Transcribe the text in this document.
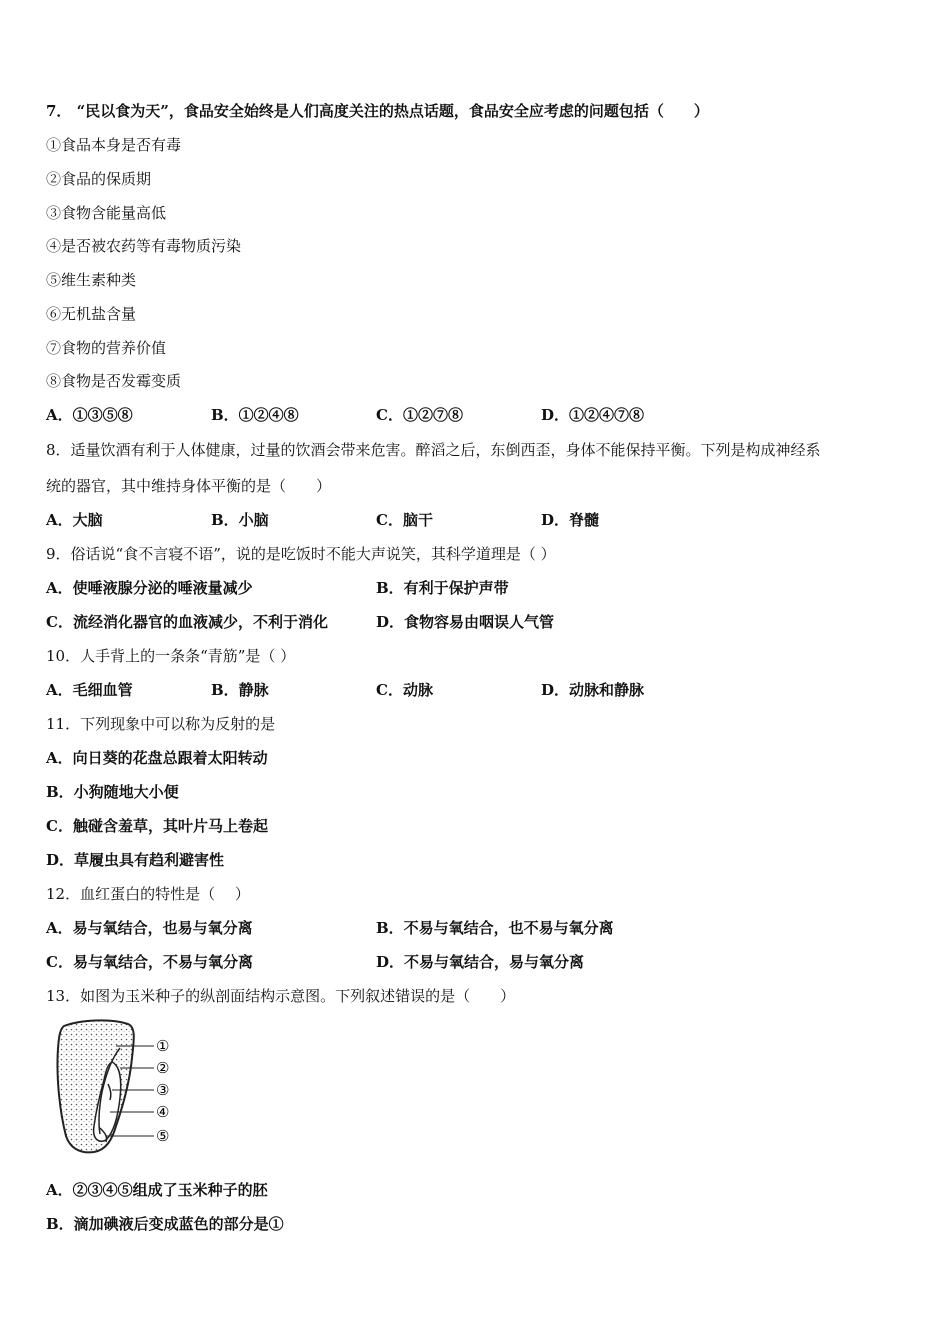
7． “民以食为天”，食品安全始终是人们高度关注的热点话题，食品安全应考虑的问题包括（　　）
①食品本身是否有毒
②食品的保质期
③食物含能量高低
④是否被农药等有毒物质污染
⑤维生素种类
⑥无机盐含量
⑦食物的营养价值
⑧食物是否发霉变质
A．①③⑤⑧	B．①②④⑧	C．①②⑦⑧	D．①②④⑦⑧
8．适量饮酒有利于人体健康，过量的饮酒会带来危害。醉滔之后，东倒西歪，身体不能保持平衡。下列是构成神经系
统的器官，其中维持身体平衡的是（　　）
A．大脑	B．小脑	C．脑干	D．脊髓
9．俗话说“食不言寝不语”，说的是吃饭时不能大声说笑，其科学道理是（ ）
A．使唾液腺分泌的唾液量减少	B．有利于保护声带
C．流经消化器官的血液减少，不利于消化	D．食物容易由咽误人气管
10．人手背上的一条条“青筋”是（ ）
A．毛细血管	B．静脉	C．动脉	D．动脉和静脉
11．下列现象中可以称为反射的是
A．向日葵的花盘总跟着太阳转动
B．小狗随地大小便
C．触碰含羞草，其叶片马上卷起
D．草履虫具有趋利避害性
12．血红蛋白的特性是（　 ）
A．易与氧结合，也易与氧分离	B．不易与氧结合，也不易与氧分离
C．易与氧结合，不易与氧分离	D．不易与氧结合，易与氧分离
13．如图为玉米种子的纵剖面结构示意图。下列叙述错误的是（　　）
①
②
③
④
⑤
A．②③④⑤组成了玉米种子的胚
B．滴加碘液后变成蓝色的部分是①
